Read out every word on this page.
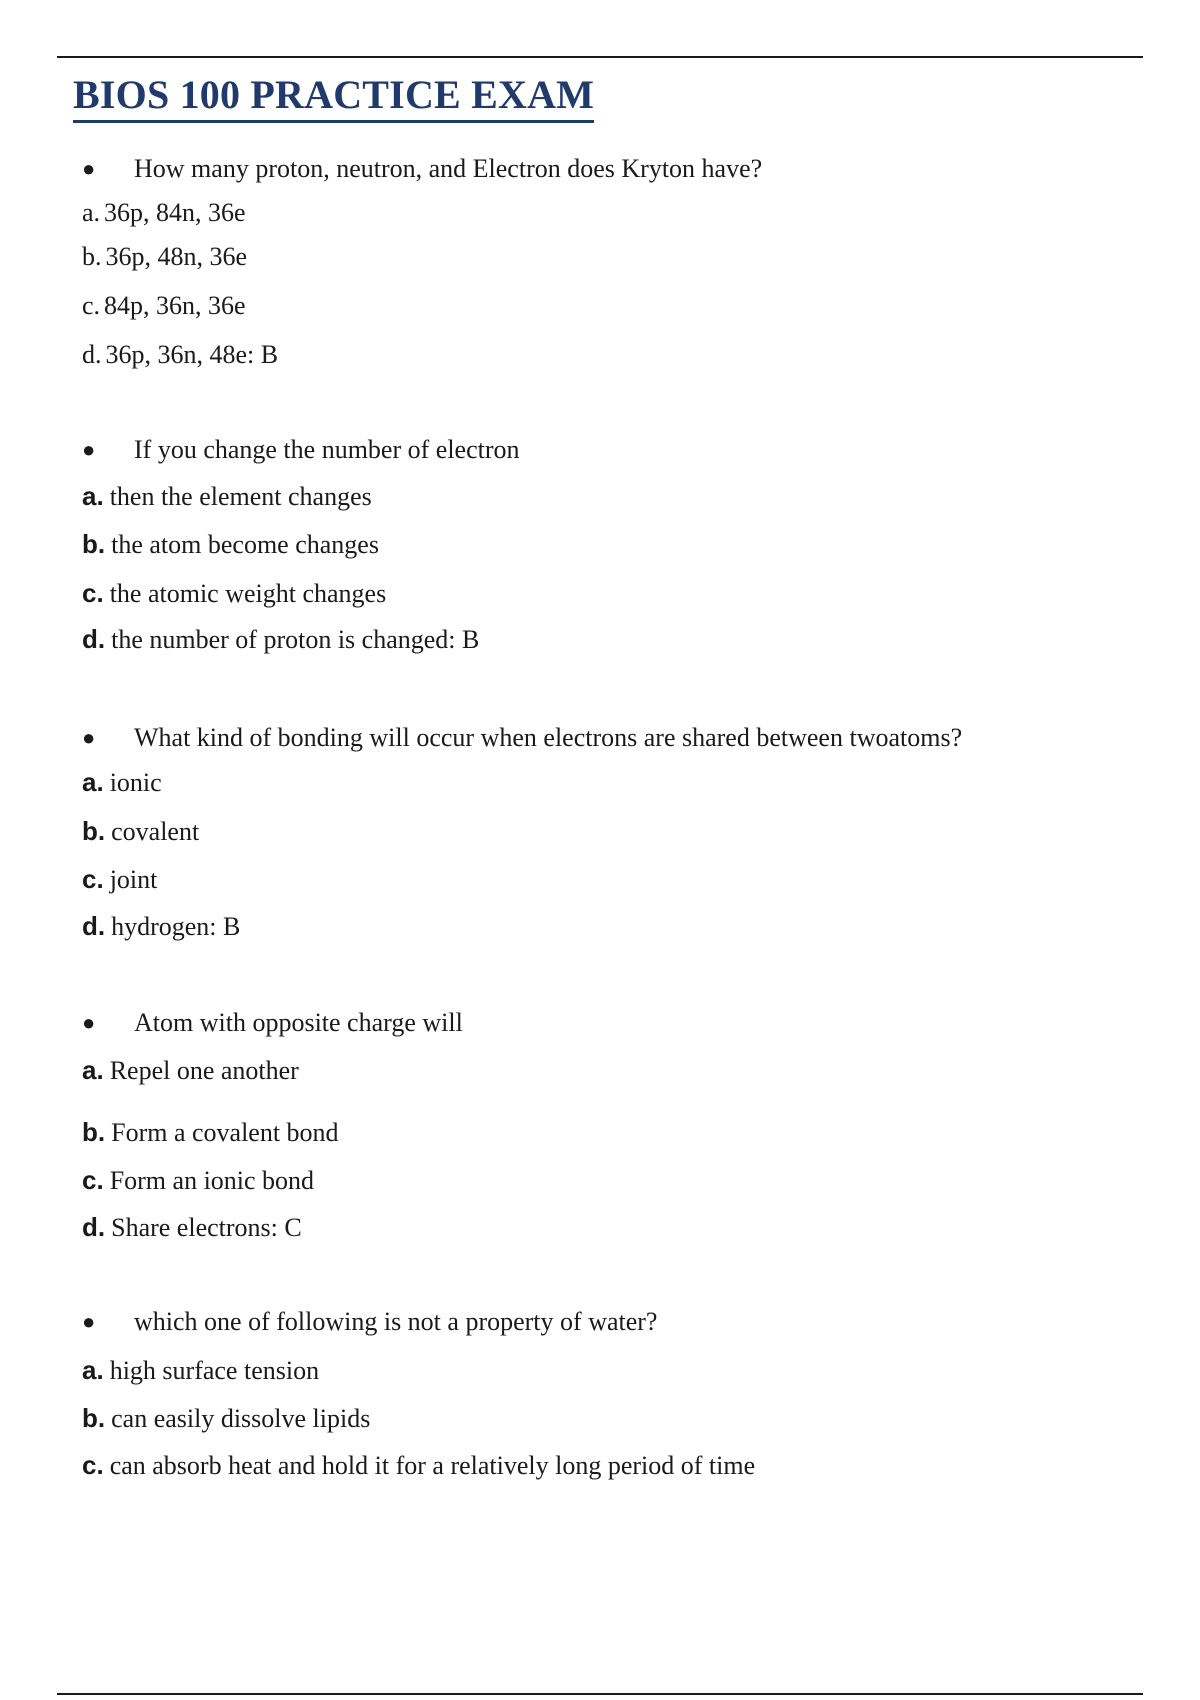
BIOS 100 PRACTICE EXAM
● How many proton, neutron, and Electron does Kryton have?
a. 36p, 84n, 36e
b. 36p, 48n, 36e
c. 84p, 36n, 36e
d. 36p, 36n, 48e: B
● If you change the number of electron
a. then the element changes
b. the atom become changes
c. the atomic weight changes
d. the number of proton is changed: B
● What kind of bonding will occur when electrons are shared between twoatoms?
a. ionic
b. covalent
c. joint
d. hydrogen: B
● Atom with opposite charge will
a. Repel one another
b. Form a covalent bond
c. Form an ionic bond
d. Share electrons: C
● which one of following is not a property of water?
a. high surface tension
b. can easily dissolve lipids
c. can absorb heat and hold it for a relatively long period of time
